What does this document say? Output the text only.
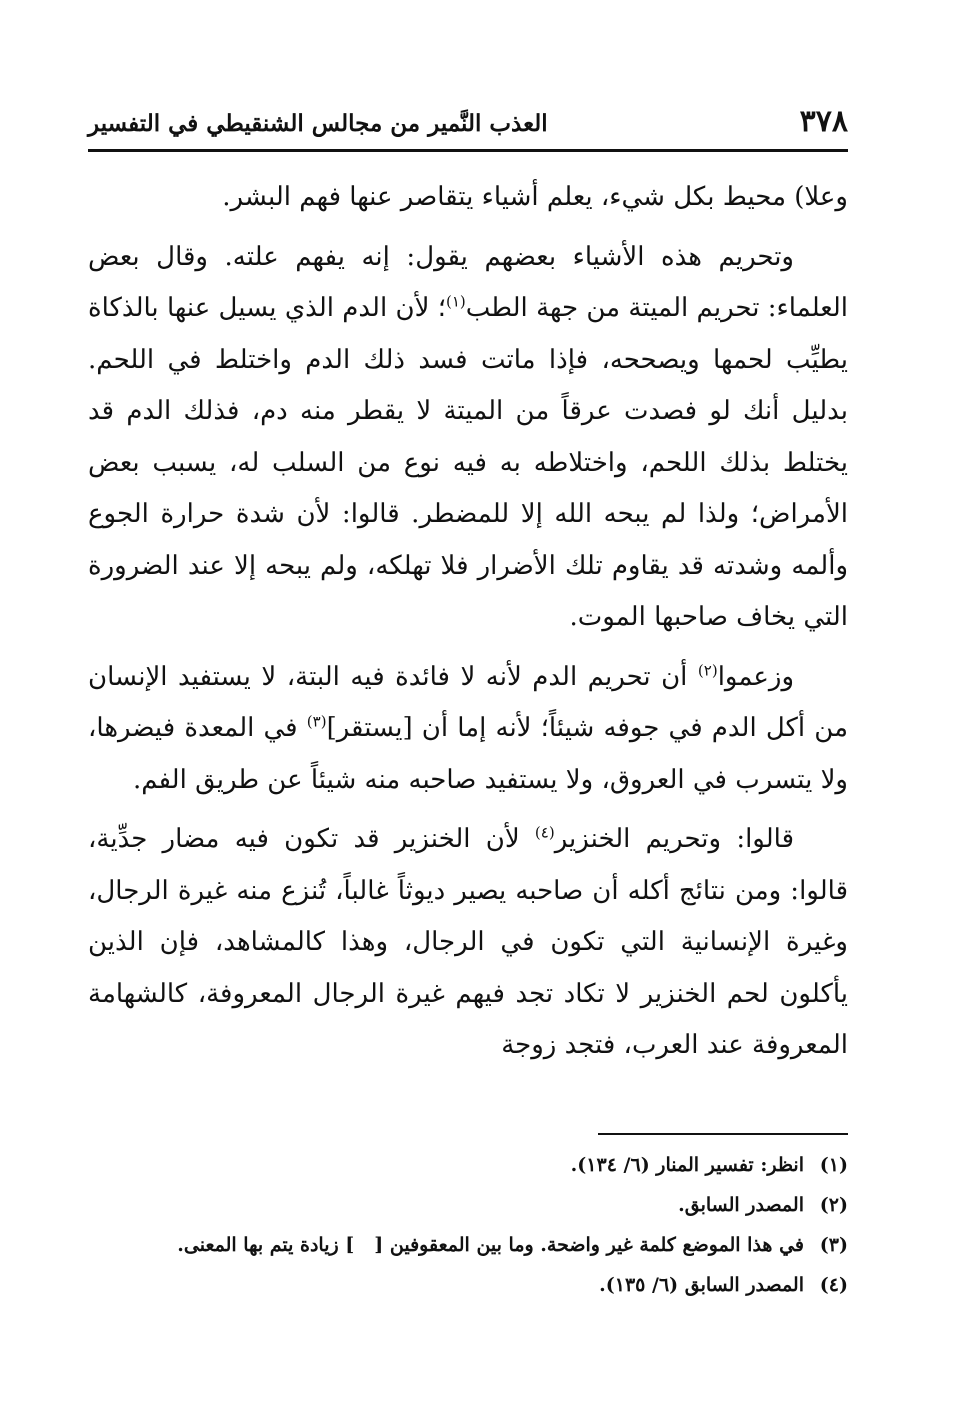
٣٧٨
العذب النَّمير من مجالس الشنقيطي في التفسير

وعلا) محيط بكل شيء، يعلم أشياء يتقاصر عنها فهم البشر.

وتحريم هذه الأشياء بعضهم يقول: إنه يفهم علته. وقال بعض العلماء: تحريم الميتة من جهة الطب$^{(١)}$؛ لأن الدم الذي يسيل عنها بالذكاة يطيِّب لحمها ويصححه، فإذا ماتت فسد ذلك الدم واختلط في اللحم. بدليل أنك لو فصدت عرقاً من الميتة لا يقطر منه دم، فذلك الدم قد يختلط بذلك اللحم، واختلاطه به فيه نوع من السلب له، يسبب بعض الأمراض؛ ولذا لم يبحه الله إلا للمضطر. قالوا: لأن شدة حرارة الجوع وألمه وشدته قد يقاوم تلك الأضرار فلا تهلكه، ولم يبحه إلا عند الضرورة التي يخاف صاحبها الموت.

وزعموا$^{(٢)}$ أن تحريم الدم لأنه لا فائدة فيه البتة، لا يستفيد الإنسان من أكل الدم في جوفه شيئاً؛ لأنه إما أن [يستقر]$^{(٣)}$ في المعدة فيضرها، ولا يتسرب في العروق، ولا يستفيد صاحبه منه شيئاً عن طريق الفم.

قالوا: وتحريم الخنزير$^{(٤)}$ لأن الخنزير قد تكون فيه مضار جدِّية، قالوا: ومن نتائج أكله أن صاحبه يصير ديوثاً غالباً، تُنزع منه غيرة الرجال، وغيرة الإنسانية التي تكون في الرجال، وهذا كالمشاهد، فإن الذين يأكلون لحم الخنزير لا تكاد تجد فيهم غيرة الرجال المعروفة، كالشهامة المعروفة عند العرب، فتجد زوجة

(١)
انظر: تفسير المنار (٦/ ١٣٤).
(٢)
المصدر السابق.
(٣)
في هذا الموضع كلمة غير واضحة. وما بين المعقوفين [] زيادة يتم بها المعنى.
(٤)
المصدر السابق (٦/ ١٣٥).
